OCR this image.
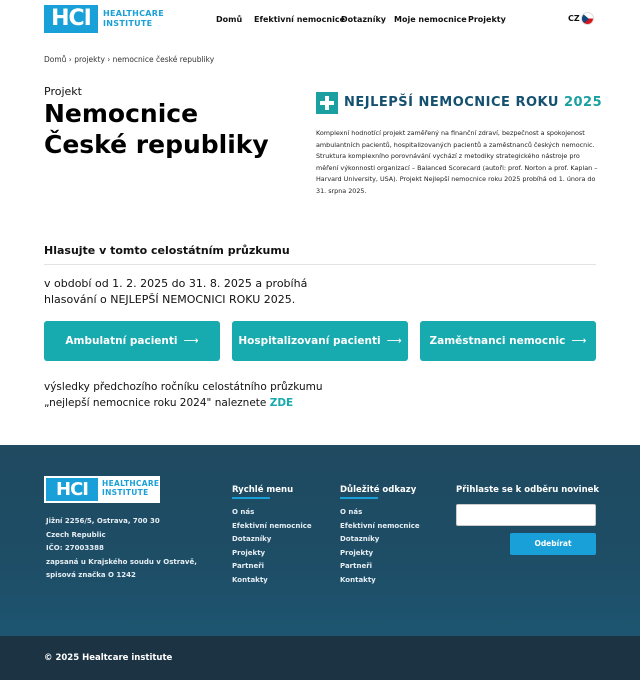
HCI	HEALTHCARE
INSTITUTE	Domů Efektivní nemocnice
Dotazníky Moje nemocnice Projekty	CZ
Domů › projekty › nemocnice české republiky
Projekt
Nemocnice
České republiky
NEJLEPŠÍ NEMOCNICE ROKU 2025
Komplexní hodnotící projekt zaměřený na finanční zdraví, bezpečnost a spokojenost ambulantních pacientů, hospitalizovaných pacientů a zaměstnanců českých nemocnic. Struktura komplexního porovnávání vychází z metodiky strategického nástroje pro měření výkonnosti organizací – Balanced Scorecard (autoři: prof. Norton a prof. Kaplan – Harvard University, USA). Projekt Nejlepší nemocnice roku 2025 probíhá od 1. února do 31. srpna 2025.
Hlasujte v tomto celostátním průzkumu
v období od 1. 2. 2025 do 31. 8. 2025 a probíhá
hlasování o NEJLEPŠÍ NEMOCNICI ROKU 2025.
Ambulatní pacienti ⟶	Hospitalizovaní pacienti ⟶	Zaměstnanci nemocnic ⟶
výsledky předchozího ročníku celostátního průzkumu
„nejlepší nemocnice roku 2024" naleznete ZDE
HCI	HEALTHCARE
INSTITUTE
Jižní 2256/5, Ostrava, 700 30
Czech Republic
IČO: 27003388
zapsaná u Krajského soudu v Ostravě,
spisová značka O 1242
Rychlé menu
O nás
Efektivní nemocnice
Dotazníky
Projekty
Partneři
Kontakty
Důležité odkazy
O nás
Efektivní nemocnice
Dotazníky
Projekty
Partneři
Kontakty
Přihlaste se k odběru novinek
Odebírat
© 2025 Healtcare institute
